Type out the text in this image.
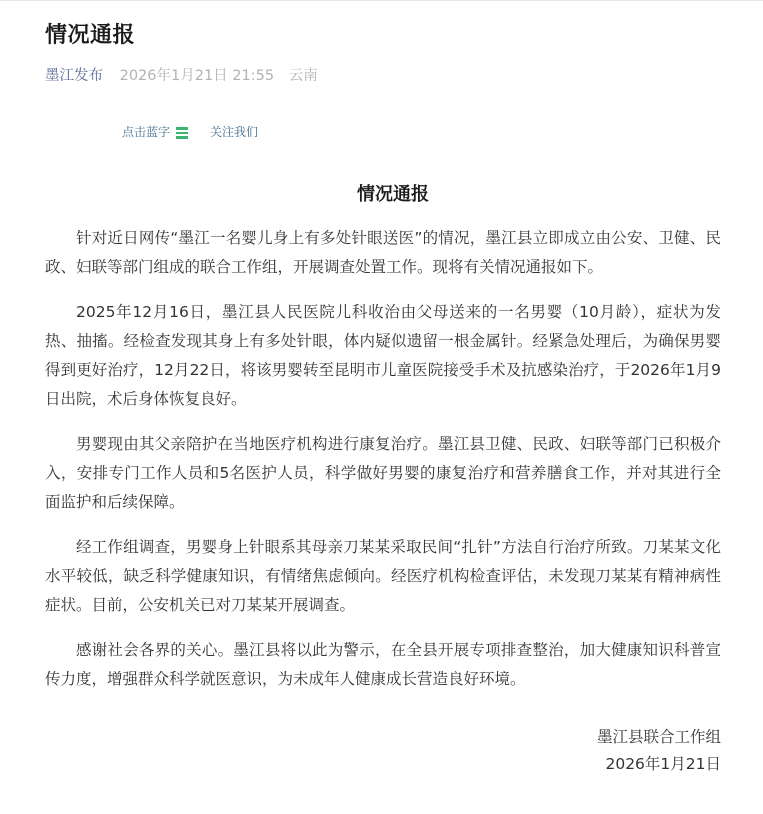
情况通报
墨江发布 2026年1月21日 21:55 云南
点击蓝字	关注我们
情况通报

针对近日网传“墨江一名婴儿身上有多处针眼送医”的情况，墨江县立即成立由公安、卫健、民政、妇联等部门组成的联合工作组，开展调查处置工作。现将有关情况通报如下。

2025年12月16日，墨江县人民医院儿科收治由父母送来的一名男婴（10月龄），症状为发热、抽搐。经检查发现其身上有多处针眼，体内疑似遗留一根金属针。经紧急处理后，为确保男婴得到更好治疗，12月22日，将该男婴转至昆明市儿童医院接受手术及抗感染治疗，于2026年1月9日出院，术后身体恢复良好。

男婴现由其父亲陪护在当地医疗机构进行康复治疗。墨江县卫健、民政、妇联等部门已积极介入，安排专门工作人员和5名医护人员，科学做好男婴的康复治疗和营养膳食工作，并对其进行全面监护和后续保障。

经工作组调查，男婴身上针眼系其母亲刀某某采取民间“扎针”方法自行治疗所致。刀某某文化水平较低，缺乏科学健康知识，有情绪焦虑倾向。经医疗机构检查评估，未发现刀某某有精神病性症状。目前，公安机关已对刀某某开展调查。

感谢社会各界的关心。墨江县将以此为警示，在全县开展专项排查整治，加大健康知识科普宣传力度，增强群众科学就医意识，为未成年人健康成长营造良好环境。

墨江县联合工作组

2026年1月21日
